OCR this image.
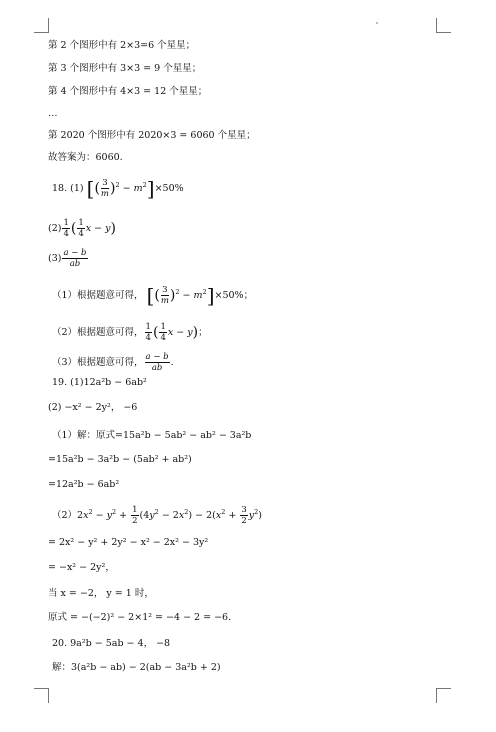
第 2 个图形中有 2×3=6 个星星；
第 3 个图形中有 3×3 = 9 个星星；
第 4 个图形中有 4×3 = 12 个星星；
…
第 2020 个图形中有 2020×3 = 6060 个星星；
故答案为：6060.
18. (1) [( $\frac{3}{m} )^2 - m^2]\times 50\%$
$(2) \frac{1}{4}$ ( $\frac{1}{4}$ x − y)
$(3) \frac{a - b}{ab}$
（1）根据题意可得， [( $\frac{3}{m} )^2 - m^2]\times 50\%$；
（2）根据题意可得， $\frac{1}{4}$ ( $\frac{1}{4}$ x − y)；
（3）根据题意可得， $\frac{a - b}{ab}$ .
19. (1)12a²b − 6ab²
(2) −x² − 2y²， −6
（1）解：原式=15a²b − 5ab² − ab² − 3a²b
=15a²b − 3a²b − (5ab² + ab²)
=12a²b − 6ab²
$(2)2x^2 - y^2 + \frac{1}{2} (4y^2 - 2x^2) - 2(x^2 + \frac{3}{2} y^2)$
= 2x² − y² + 2y² − x² − 2x² − 3y²
= −x² − 2y²，
当 x = −2， y = 1 时，
原式 = −(−2)² − 2×1² = −4 − 2 = −6.
20. 9a²b − 5ab − 4， −8
解：3(a²b − ab) − 2(ab − 3a²b + 2)
